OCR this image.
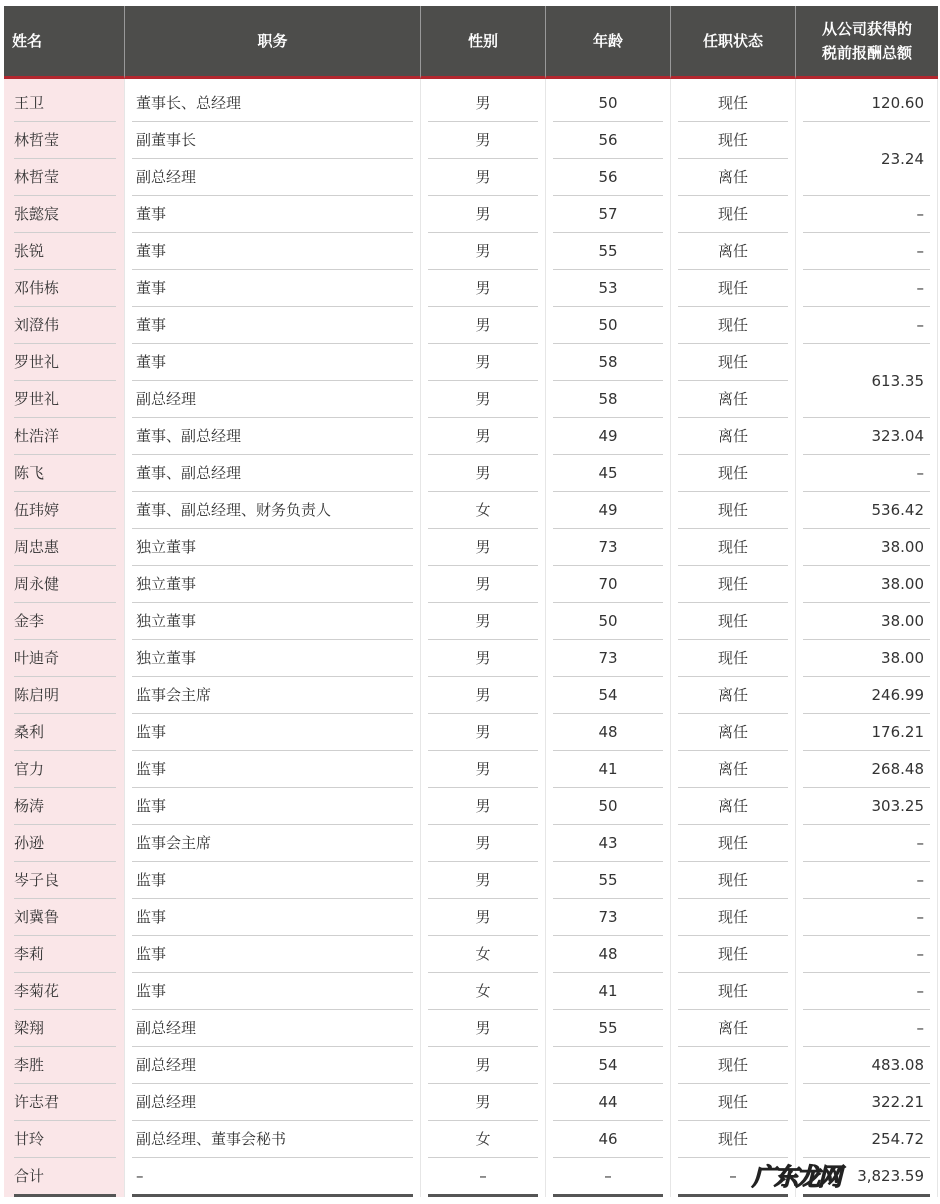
姓名	职务	性别	年龄	任职状态	从公司获得的税前报酬总额

王卫	董事长、总经理	男	50	现任	120.60

林哲莹	副董事长	男	56	现任	23.24

林哲莹	副总经理	男	56	离任	

张懿宸	董事	男	57	现任	–

张锐	董事	男	55	离任	–

邓伟栋	董事	男	53	现任	–

刘澄伟	董事	男	50	现任	–

罗世礼	董事	男	58	现任	613.35

罗世礼	副总经理	男	58	离任	

杜浩洋	董事、副总经理	男	49	离任	323.04

陈飞	董事、副总经理	男	45	现任	–

伍玮婷	董事、副总经理、财务负责人	女	49	现任	536.42

周忠惠	独立董事	男	73	现任	38.00

周永健	独立董事	男	70	现任	38.00

金李	独立董事	男	50	现任	38.00

叶迪奇	独立董事	男	73	现任	38.00

陈启明	监事会主席	男	54	离任	246.99

桑利	监事	男	48	离任	176.21

官力	监事	男	41	离任	268.48

杨涛	监事	男	50	离任	303.25

孙逊	监事会主席	男	43	现任	–

岑子良	监事	男	55	现任	–

刘冀鲁	监事	男	73	现任	–

李莉	监事	女	48	现任	–

李菊花	监事	女	41	现任	–

梁翔	副总经理	男	55	离任	–

李胜	副总经理	男	54	现任	483.08

许志君	副总经理	男	44	现任	322.21

甘玲	副总经理、董事会秘书	女	46	现任	254.72

合计	–	–	–	–	3,823.59
广东龙网
